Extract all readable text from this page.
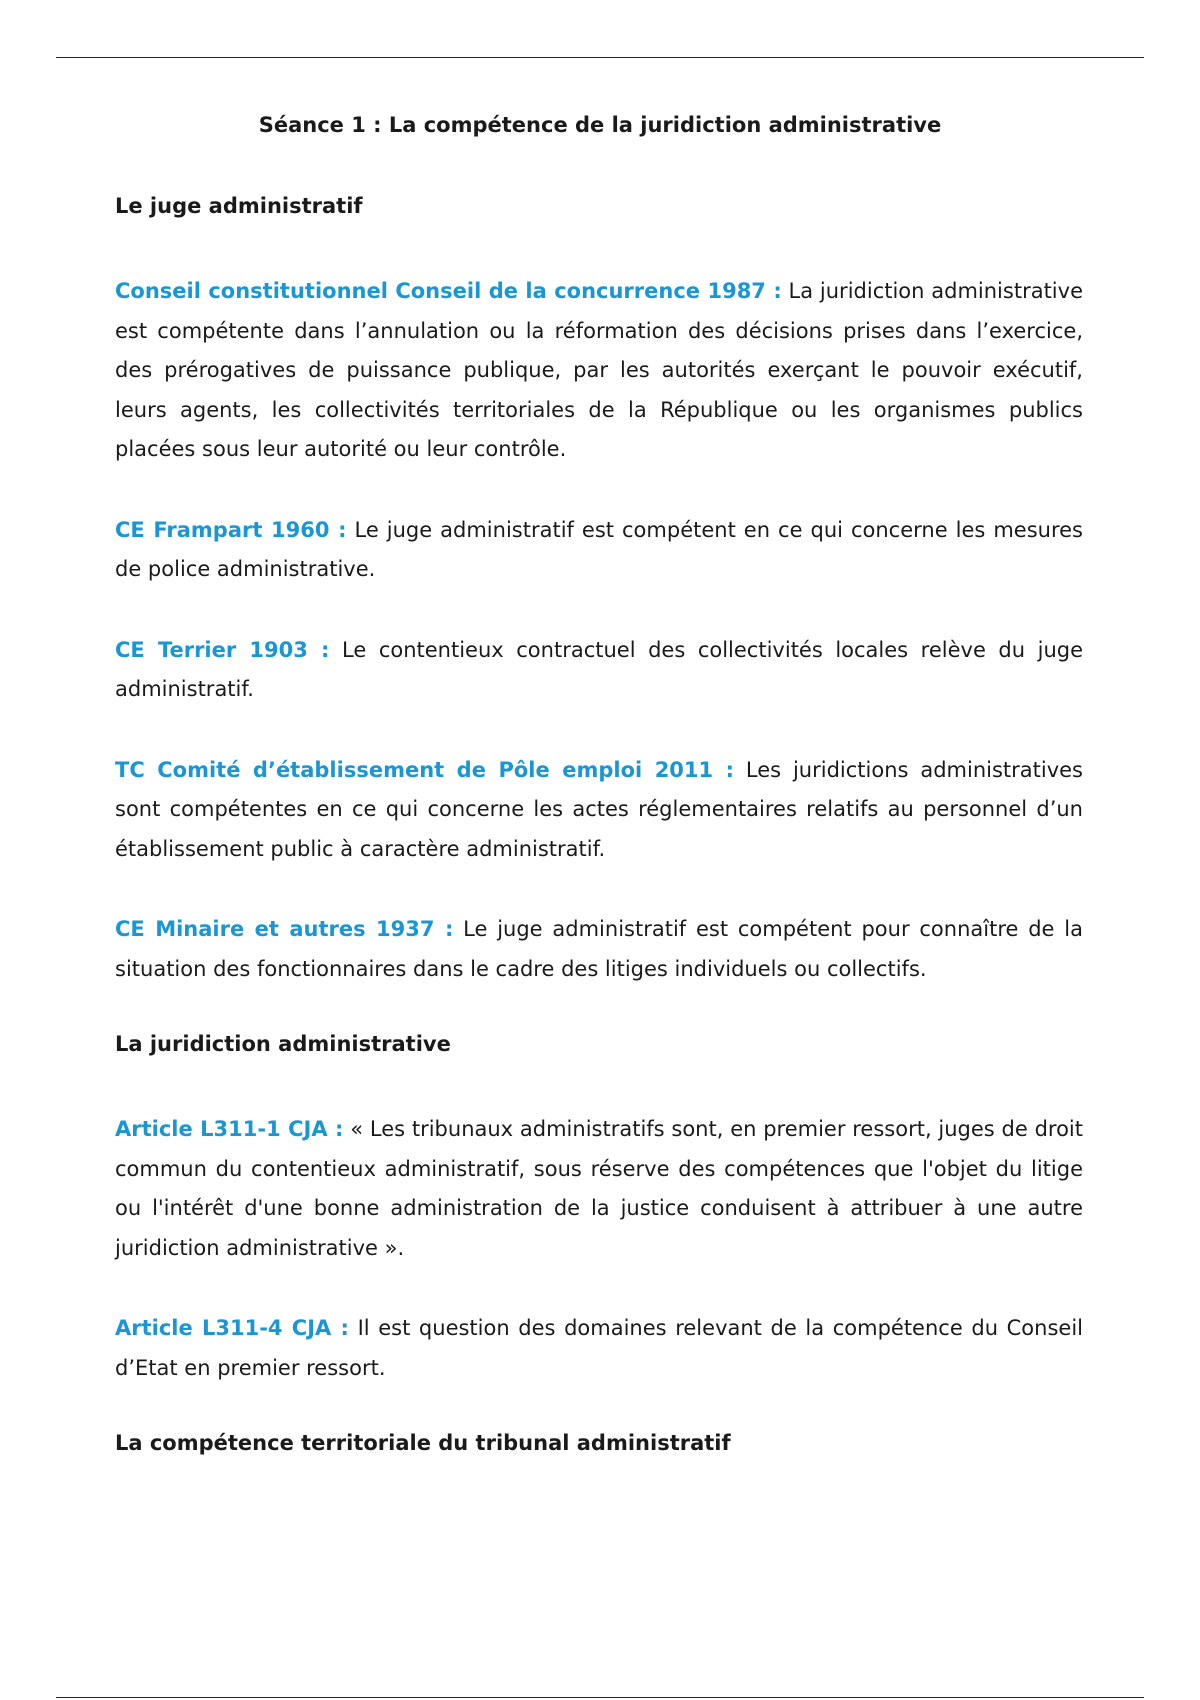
Séance 1 : La compétence de la juridiction administrative
Le juge administratif
Conseil constitutionnel Conseil de la concurrence 1987 : La juridiction administrative est compétente dans l’annulation ou la réformation des décisions prises dans l’exercice, des prérogatives de puissance publique, par les autorités exerçant le pouvoir exécutif, leurs agents, les collectivités territoriales de la République ou les organismes publics placées sous leur autorité ou leur contrôle.
CE Frampart 1960 : Le juge administratif est compétent en ce qui concerne les mesures de police administrative.
CE Terrier 1903 : Le contentieux contractuel des collectivités locales relève du juge administratif.
TC Comité d’établissement de Pôle emploi 2011 : Les juridictions administratives sont compétentes en ce qui concerne les actes réglementaires relatifs au personnel d’un établissement public à caractère administratif.
CE Minaire et autres 1937 : Le juge administratif est compétent pour connaître de la situation des fonctionnaires dans le cadre des litiges individuels ou collectifs.
La juridiction administrative
Article L311-1 CJA : « Les tribunaux administratifs sont, en premier ressort, juges de droit commun du contentieux administratif, sous réserve des compétences que l'objet du litige ou l'intérêt d'une bonne administration de la justice conduisent à attribuer à une autre juridiction administrative ».
Article L311-4 CJA : Il est question des domaines relevant de la compétence du Conseil d’Etat en premier ressort.
La compétence territoriale du tribunal administratif
